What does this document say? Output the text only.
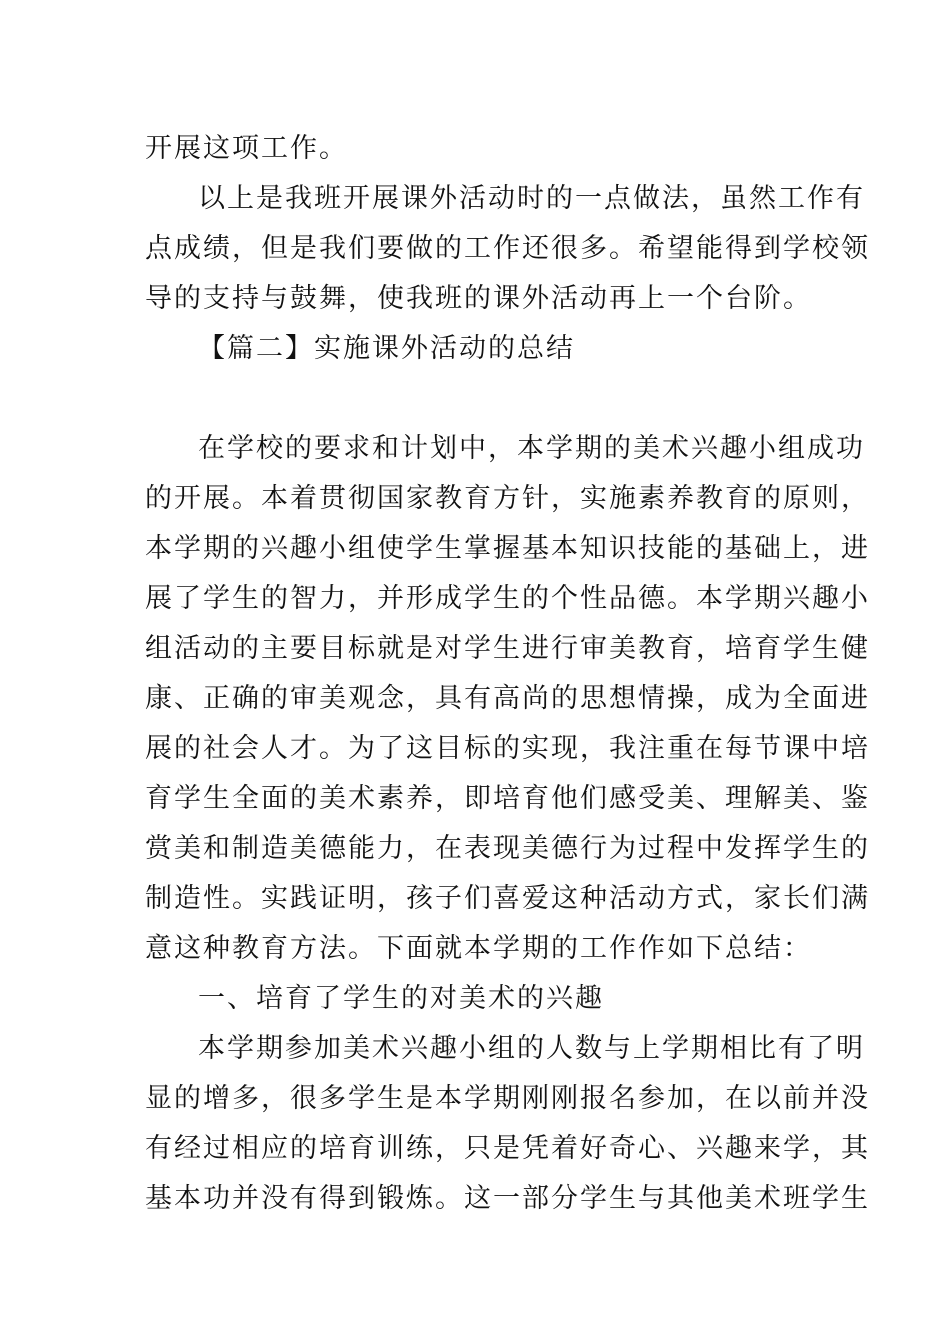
开展这项工作。
以上是我班开展课外活动时的一点做法，虽然工作有
点成绩，但是我们要做的工作还很多。希望能得到学校领
导的支持与鼓舞，使我班的课外活动再上一个台阶。
【篇二】实施课外活动的总结
在学校的要求和计划中，本学期的美术兴趣小组成功
的开展。本着贯彻国家教育方针，实施素养教育的原则，
本学期的兴趣小组使学生掌握基本知识技能的基础上，进
展了学生的智力，并形成学生的个性品德。本学期兴趣小
组活动的主要目标就是对学生进行审美教育，培育学生健
康、正确的审美观念，具有高尚的思想情操，成为全面进
展的社会人才。为了这目标的实现，我注重在每节课中培
育学生全面的美术素养，即培育他们感受美、理解美、鉴
赏美和制造美德能力，在表现美德行为过程中发挥学生的
制造性。实践证明，孩子们喜爱这种活动方式，家长们满
意这种教育方法。下面就本学期的工作作如下总结：
一、培育了学生的对美术的兴趣
本学期参加美术兴趣小组的人数与上学期相比有了明
显的增多，很多学生是本学期刚刚报名参加，在以前并没
有经过相应的培育训练，只是凭着好奇心、兴趣来学，其
基本功并没有得到锻炼。这一部分学生与其他美术班学生
